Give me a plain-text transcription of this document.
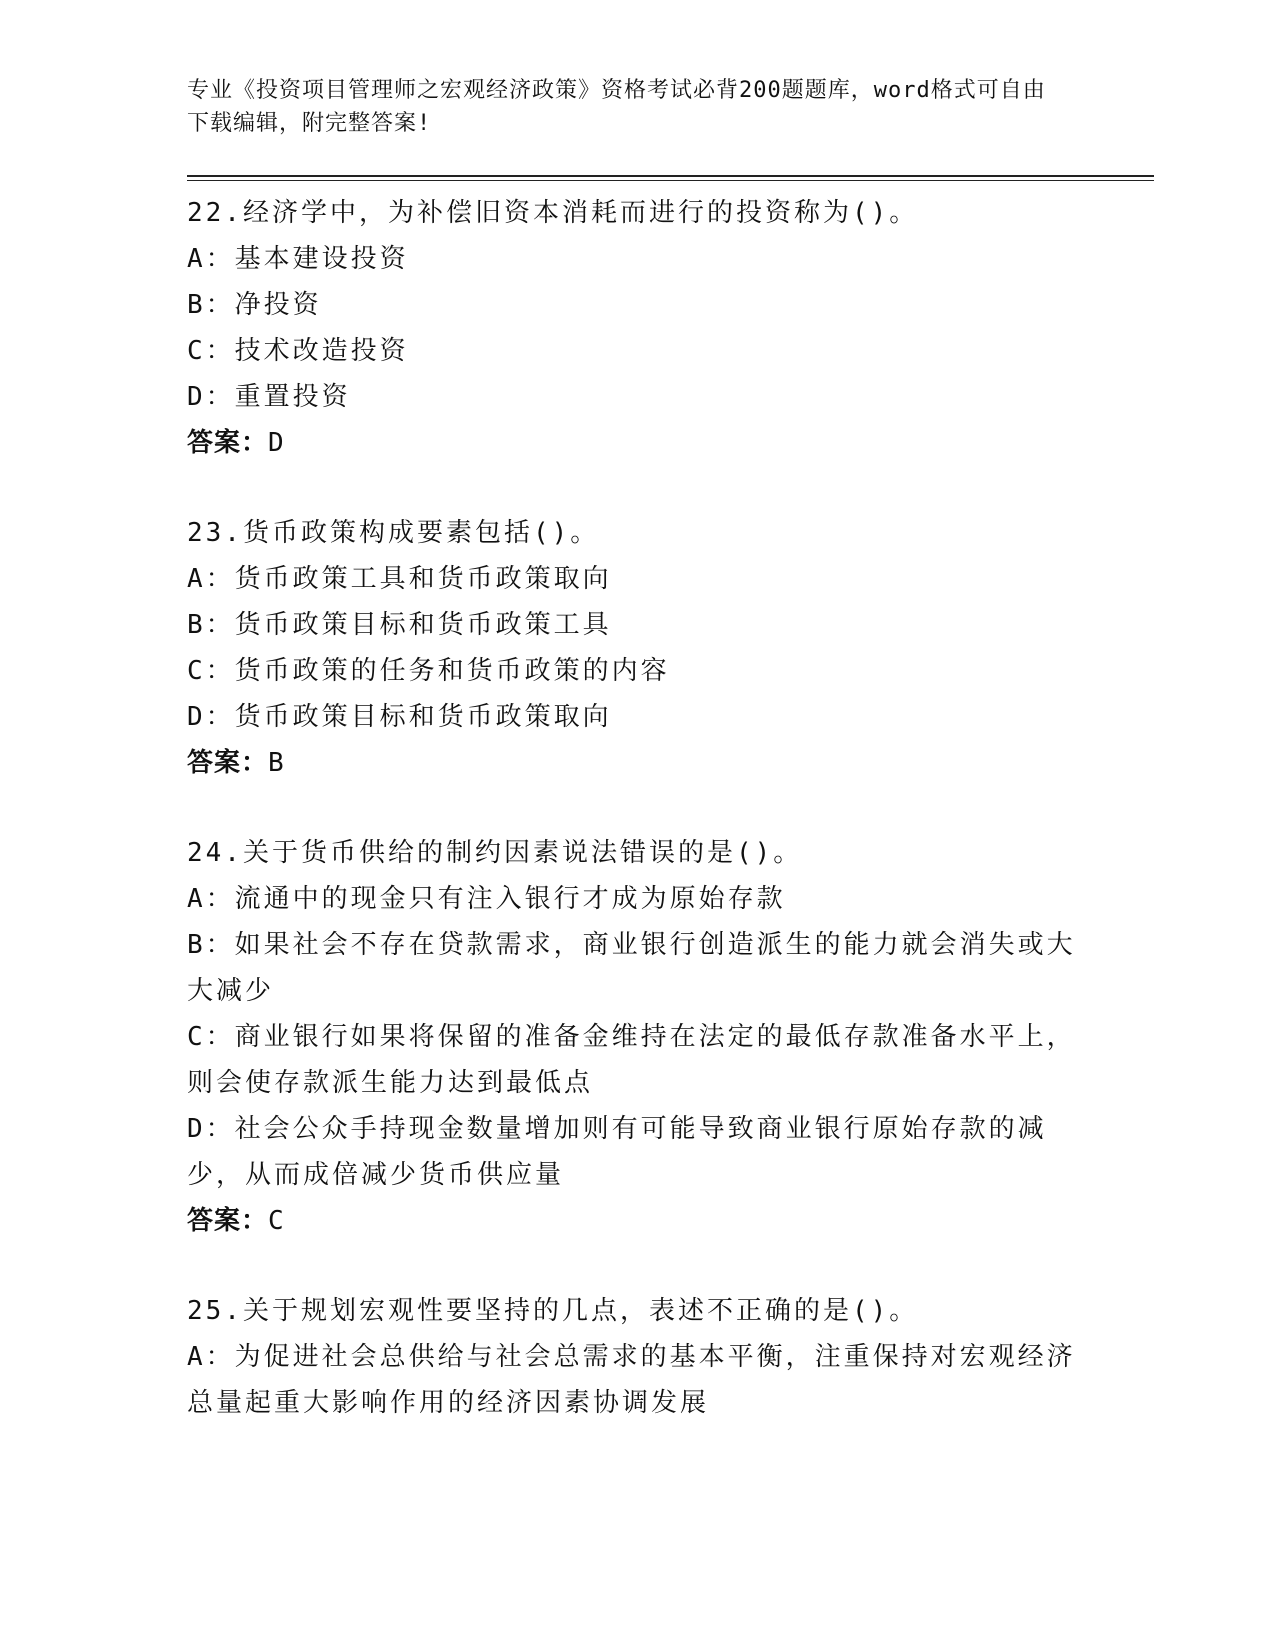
专业《投资项目管理师之宏观经济政策》资格考试必背200题题库，word格式可自由下载编辑，附完整答案!
22.经济学中，为补偿旧资本消耗而进行的投资称为()。
A：基本建设投资
B：净投资
C：技术改造投资
D：重置投资
答案：D
23.货币政策构成要素包括()。
A：货币政策工具和货币政策取向
B：货币政策目标和货币政策工具
C：货币政策的任务和货币政策的内容
D：货币政策目标和货币政策取向
答案：B
24.关于货币供给的制约因素说法错误的是()。
A：流通中的现金只有注入银行才成为原始存款
B：如果社会不存在贷款需求，商业银行创造派生的能力就会消失或大大减少
C：商业银行如果将保留的准备金维持在法定的最低存款准备水平上，则会使存款派生能力达到最低点
D：社会公众手持现金数量增加则有可能导致商业银行原始存款的减少，从而成倍减少货币供应量
答案：C
25.关于规划宏观性要坚持的几点，表述不正确的是()。
A：为促进社会总供给与社会总需求的基本平衡，注重保持对宏观经济总量起重大影响作用的经济因素协调发展
